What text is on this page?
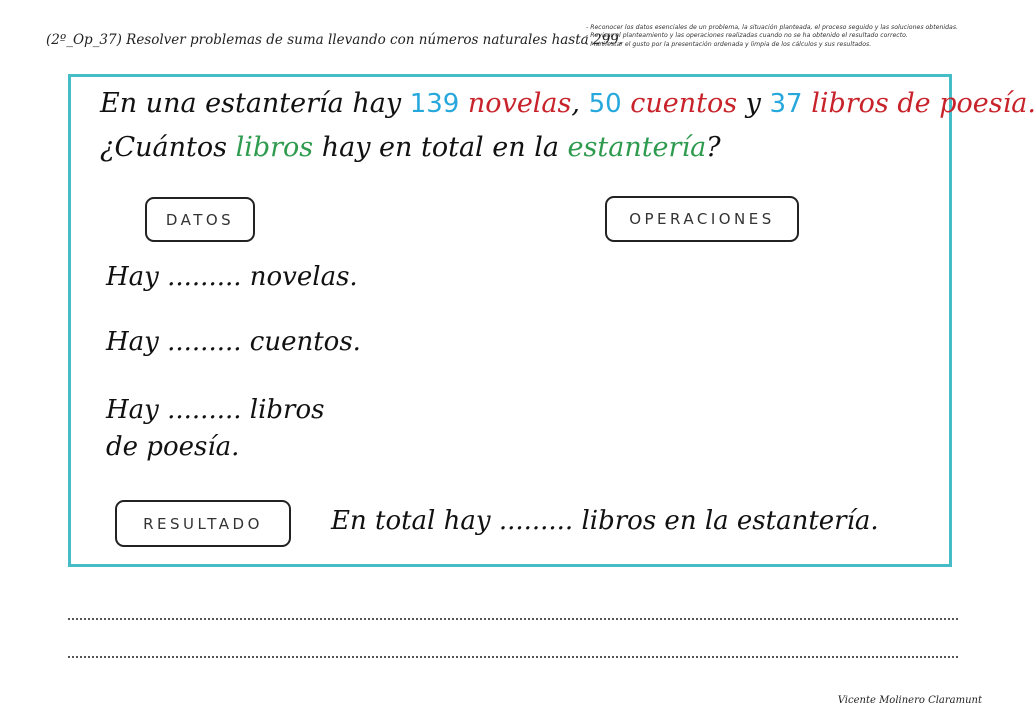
(2º_Op_37) Resolver problemas de suma llevando con números naturales hasta 299.
- Reconocer los datos esenciales de un problema, la situación planteada, el proceso seguido y las soluciones obtenidas.
- Revisar el planteamiento y las operaciones realizadas cuando no se ha obtenido el resultado correcto.
- Manifestar el gusto por la presentación ordenada y limpia de los cálculos y sus resultados.
En una estantería hay 139 novelas, 50 cuentos y 37 libros de poesía.
¿Cuántos libros hay en total en la estantería?
DATOS	OPERACIONES
Hay ......... novelas.
Hay ......... cuentos.
Hay ......... libros
de poesía.
RESULTADO	En total hay ......... libros en la estantería.
Vicente Molinero Claramunt
